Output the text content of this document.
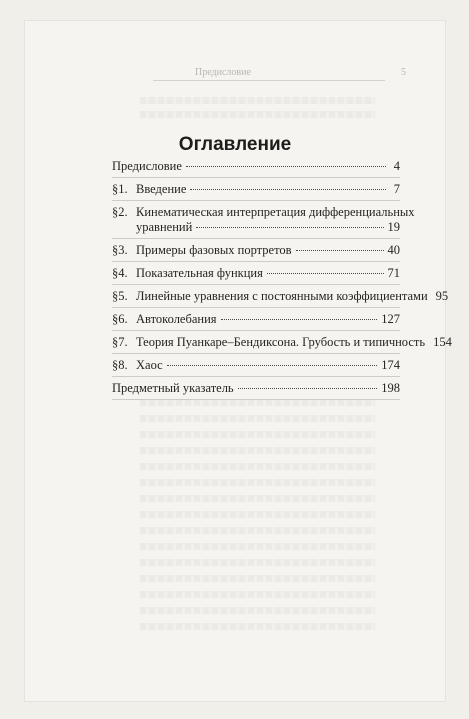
Предисловие	5
Оглавление
Предисловие	4
§1. Введение	7
§2. Кинематическая интерпретация дифференциальных
уравнений	19
§3. Примеры фазовых портретов	40
§4. Показательная функция	71
§5. Линейные уравнения с постоянными коэффициентами 95
§6. Автоколебания	127
§7. Теория Пуанкаре–Бендиксона. Грубость и типичность 154
§8. Хаос	174
Предметный указатель	198
